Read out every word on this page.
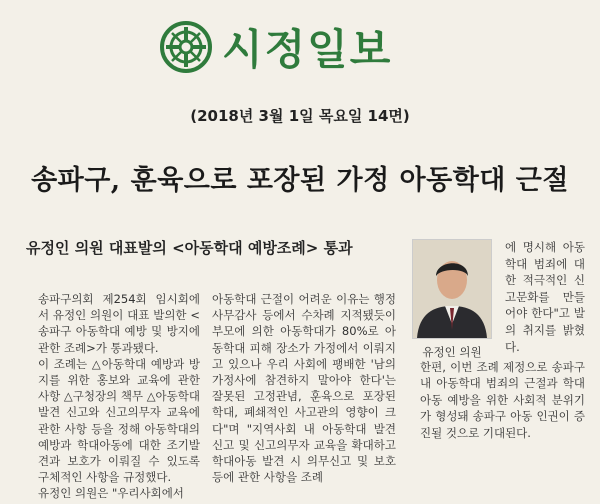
시정일보
(2018년 3월 1일 목요일 14면)
송파구, 훈육으로 포장된 가정 아동학대 근절
유정인 의원 대표발의 <아동학대 예방조례> 통과

송파구의회 제254회 임시회에서 유정인 의원이 대표 발의한 <송파구 아동학대 예방 및 방지에 관한 조례>가 통과됐다.

이 조례는 △아동학대 예방과 방지를 위한 홍보와 교육에 관한 사항 △구청장의 책무 △아동학대 발견 신고와 신고의무자 교육에 관한 사항 등을 정해 아동학대의 예방과 학대아동에 대한 조기발견과 보호가 이뤄질 수 있도록 구체적인 사항을 규정했다.

유정인 의원은 "우리사회에서

아동학대 근절이 어려운 이유는 행정사무감사 등에서 수차례 지적됐듯이 부모에 의한 아동학대가 80%로 아동학대 피해 장소가 가정에서 이뤄지고 있으나 우리 사회에 팽배한 '남의 가정사에 참견하지 말아야 한다'는 잘못된 고정관념, 훈육으로 포장된 학대, 폐쇄적인 사고관의 영향이 크다"며 "지역사회 내 아동학대 발견 신고 및 신고의무자 교육을 확대하고 학대아동 발견 시 의무신고 및 보호 등에 관한 사항을 조례

유정인 의원
에 명시해 아동학대 범죄에 대한 적극적인 신고문화를 만들어야 한다"고 발의 취지를 밝혔다.

한편, 이번 조례 제정으로 송파구내 아동학대 범죄의 근절과 학대 아동 예방을 위한 사회적 분위기가 형성돼 송파구 아동 인권이 증진될 것으로 기대된다.
